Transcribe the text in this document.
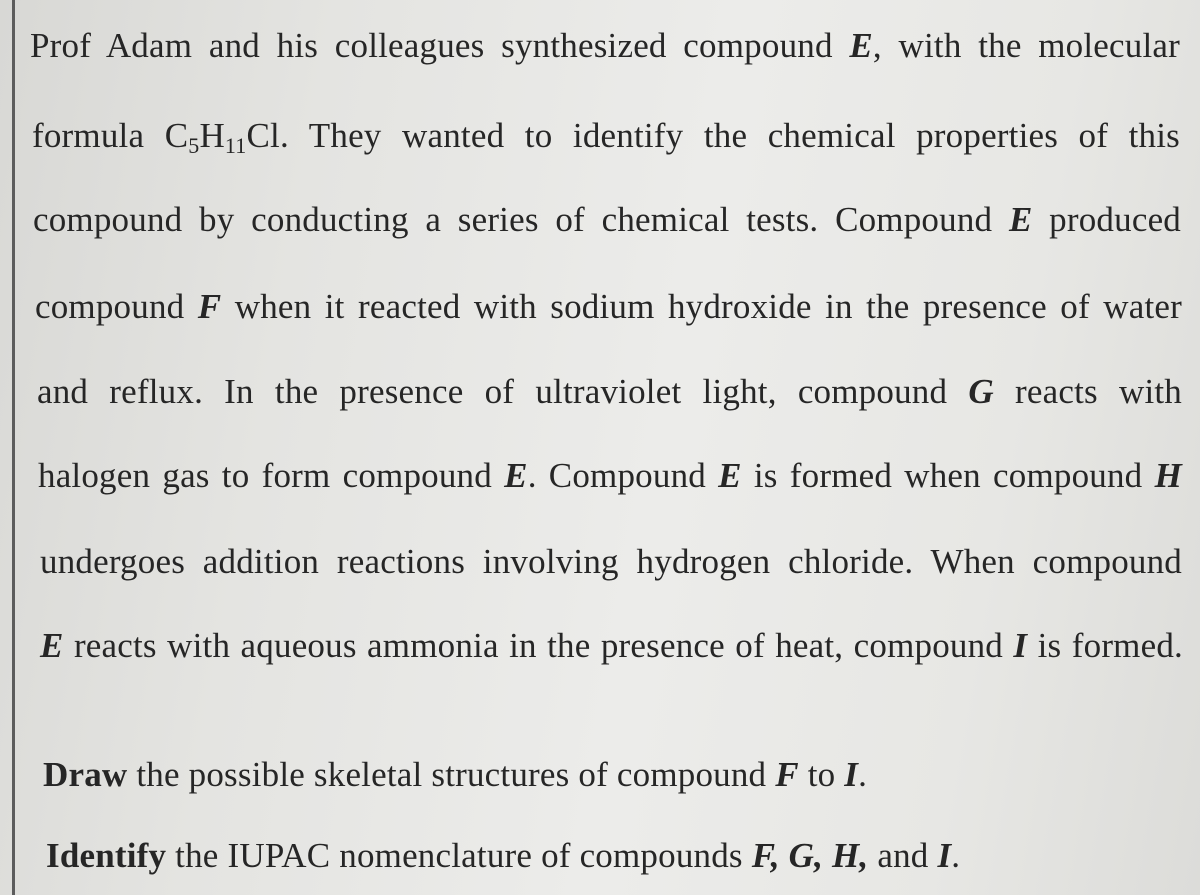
Prof Adam and his colleagues synthesized compound E, with the molecular
formula $C_5H_{11}Cl$. They wanted to identify the chemical properties of this
compound by conducting a series of chemical tests. Compound E produced
compound F when it reacted with sodium hydroxide in the presence of water
and reflux. In the presence of ultraviolet light, compound G reacts with
halogen gas to form compound E. Compound E is formed when compound H
undergoes addition reactions involving hydrogen chloride. When compound
E reacts with aqueous ammonia in the presence of heat, compound I is formed.
Draw the possible skeletal structures of compound F to I.
Identify the IUPAC nomenclature of compounds F, G, H, and I.
